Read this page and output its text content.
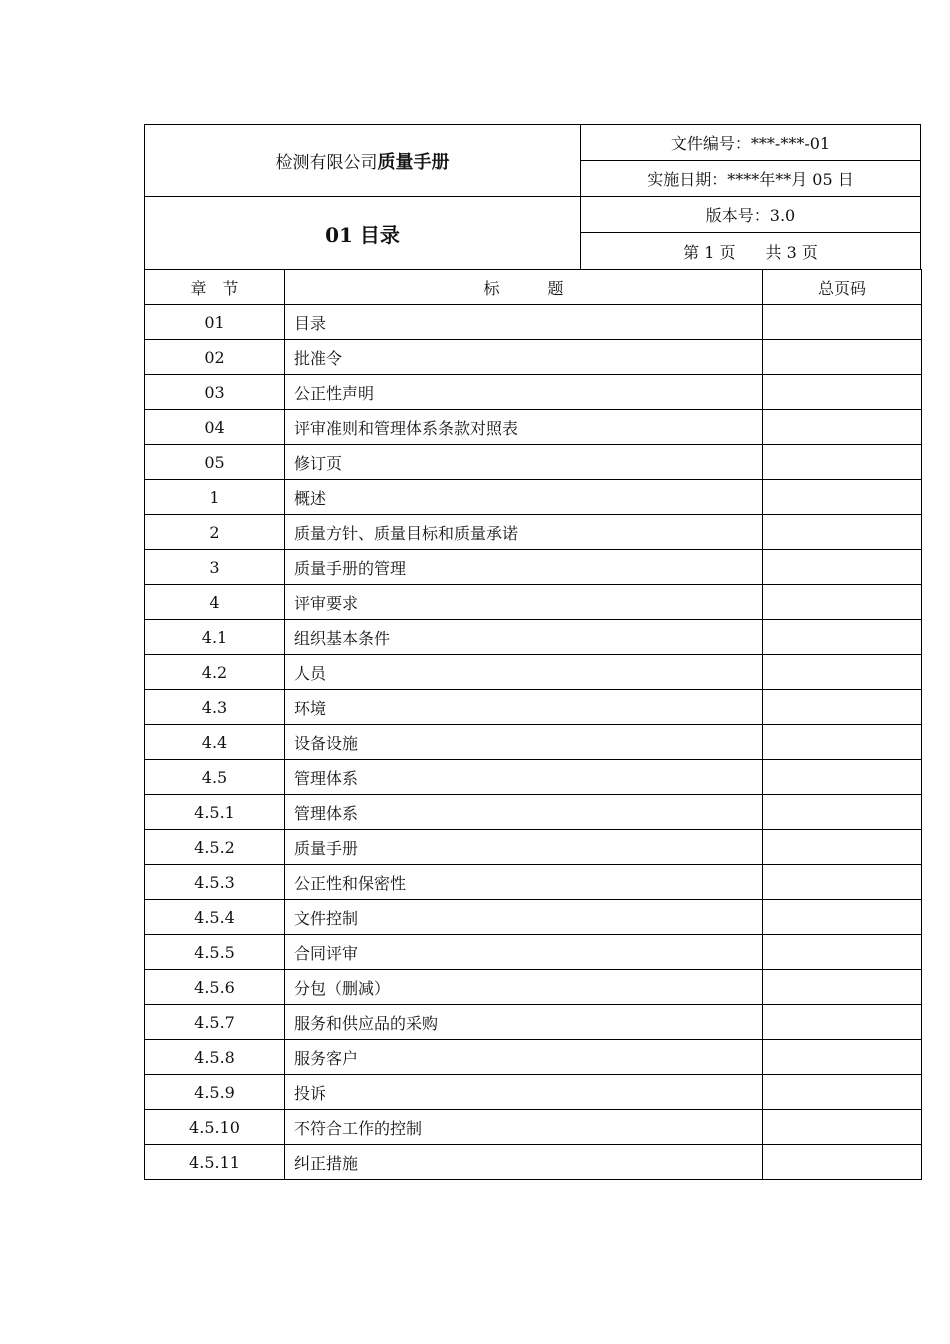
检测有限公司 质量手册
01 目录
文件编号：***-***-01
实施日期：****年**月 05 日
版本号：3.0
第 1 页 共 3 页
章　节	标　　　题	总页码
01	目录	
02	批准令	
03	公正性声明	
04	评审准则和管理体系条款对照表	
05	修订页	
1	概述	
2	质量方针、质量目标和质量承诺	
3	质量手册的管理	
4	评审要求	
4.1	组织基本条件	
4.2	人员	
4.3	环境	
4.4	设备设施	
4.5	管理体系	
4.5.1	管理体系	
4.5.2	质量手册	
4.5.3	公正性和保密性	
4.5.4	文件控制	
4.5.5	合同评审	
4.5.6	分包（删减）	
4.5.7	服务和供应品的采购	
4.5.8	服务客户	
4.5.9	投诉	
4.5.10	不符合工作的控制	
4.5.11	纠正措施	
